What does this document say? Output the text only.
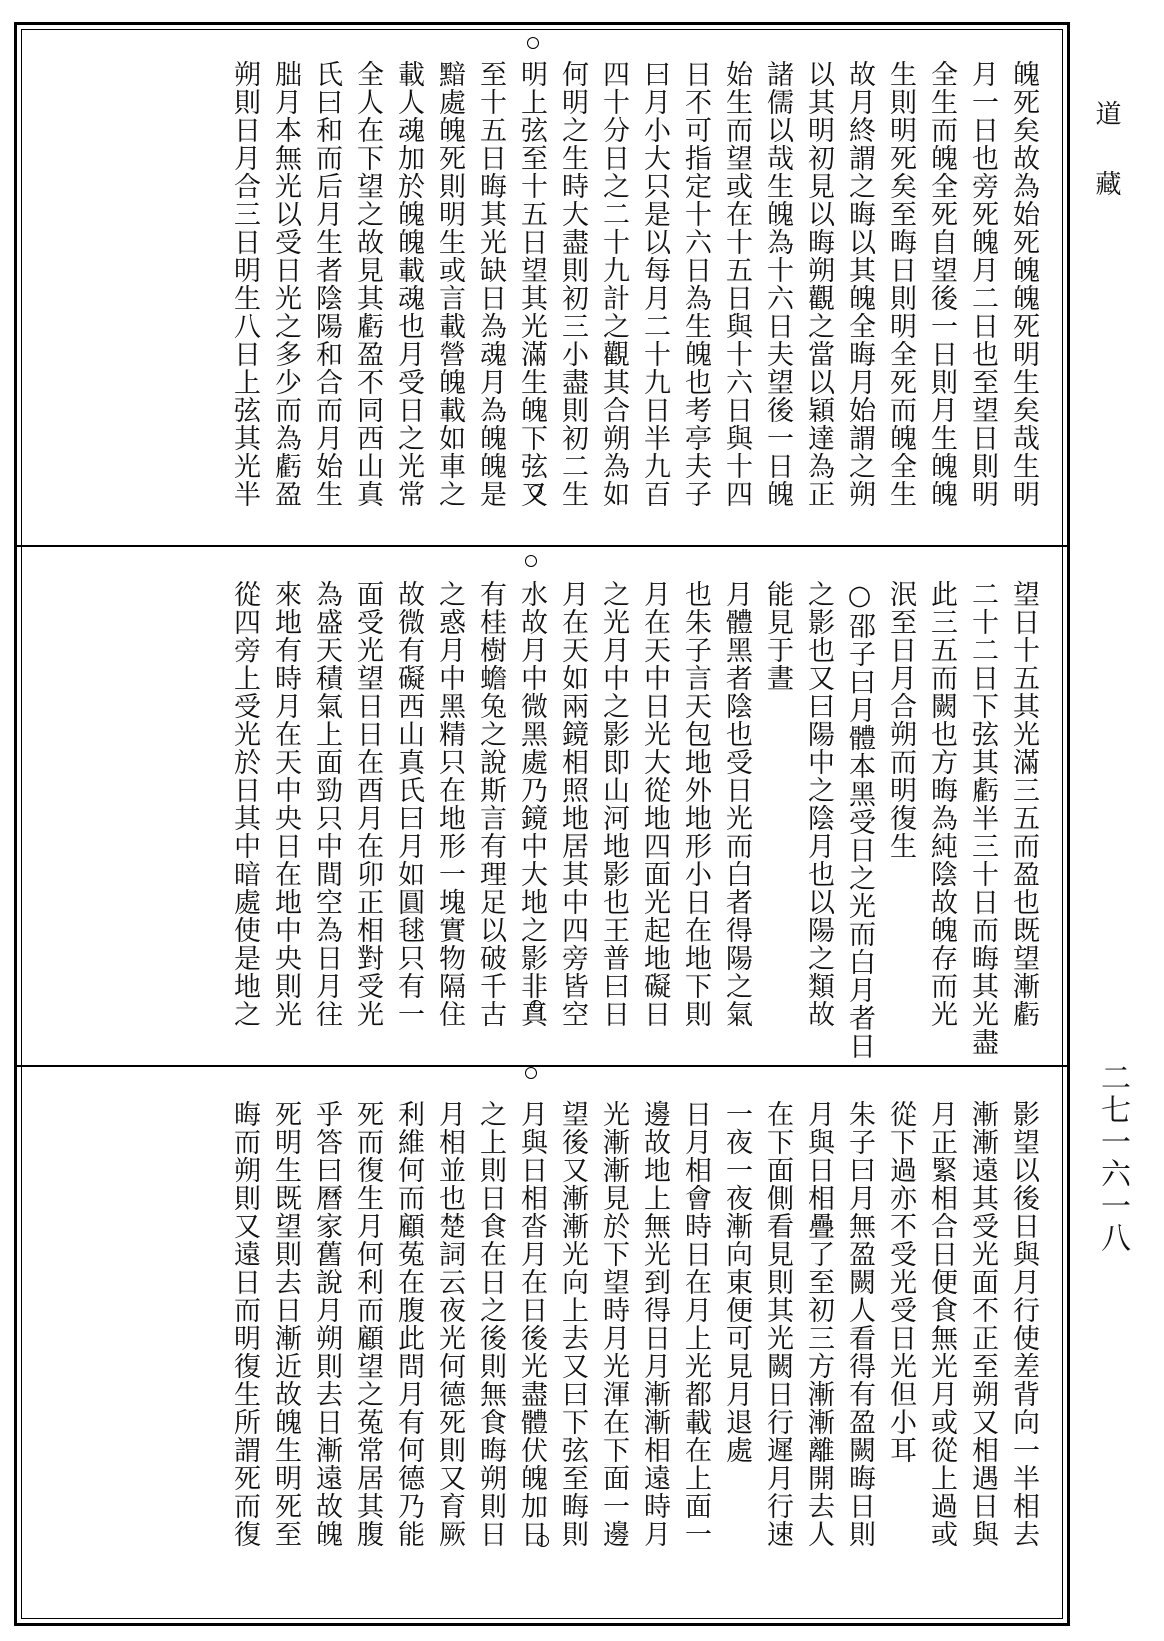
魄死矣故為始死魄魄死明生矣哉生明
月一日也旁死魄月二日也至望日則明
全生而魄全死自望後一日則月生魄魄
生則明死矣至晦日則明全死而魄全生
故月終謂之晦以其魄全晦月始謂之朔
以其明初見以晦朔觀之當以穎達為正
諸儒以哉生魄為十六日夫望後一日魄
始生而望或在十五日與十六日與十四
日不可指定十六日為生魄也考亭夫子
曰月小大只是以每月二十九日半九百
四十分日之二十九計之觀其合朔為如
何明之生時大盡則初三小盡則初二生
明上弦至十五日望其光滿生魄下弦又
至十五日晦其光缺日為魂月為魄魄是
黯處魄死則明生或言載營魄載如車之
載人魂加於魄魄載魂也月受日之光常
全人在下望之故見其虧盈不同西山真
氏曰和而后月生者陰陽和合而月始生
朏月本無光以受日光之多少而為虧盈
朔則日月合三日明生八日上弦其光半
望日十五其光滿三五而盈也既望漸虧
二十二日下弦其虧半三十日而晦其光盡
此三五而闕也方晦為純陰故魄存而光
泯至日月合朔而明復生
○邵子曰月體本黑受日之光而白月者日
之影也又曰陽中之陰月也以陽之類故
能見于晝
月體黑者陰也受日光而白者得陽之氣
也朱子言天包地外地形小日在地下則
月在天中日光大從地四面光起地礙日
之光月中之影即山河地影也王普曰日
月在天如兩鏡相照地居其中四旁皆空
水故月中微黑處乃鏡中大地之影非真
有桂樹蟾兔之說斯言有理足以破千古
之惑月中黑精只在地形一塊實物隔住
故微有礙西山真氏曰月如圓毬只有一
面受光望日日在酉月在卯正相對受光
為盛天積氣上面勁只中間空為日月往
來地有時月在天中央日在地中央則光
從四旁上受光於日其中暗處使是地之
影望以後日與月行使差背向一半相去
漸漸遠其受光面不正至朔又相遇日與
月正緊相合日便食無光月或從上過或
從下過亦不受光受日光但小耳
朱子曰月無盈闕人看得有盈闕晦日則
月與日相疊了至初三方漸漸離開去人
在下面側看見則其光闕日行遲月行速
一夜一夜漸向東便可見月退處
日月相會時日在月上光都載在上面一
邊故地上無光到得日月漸漸相遠時月
光漸漸見於下望時月光渾在下面一邊
望後又漸漸光向上去又曰下弦至晦則
月與日相沓月在日後光盡體伏魄加日
之上則日食在日之後則無食晦朔則日
月相並也楚詞云夜光何德死則又育厥
利維何而顧菟在腹此問月有何德乃能
死而復生月何利而顧望之菟常居其腹
乎答曰曆家舊說月朔則去日漸遠故魄
死明生既望則去日漸近故魄生明死至
晦而朔則又遠日而明復生所謂死而復
道藏
二七一六一八
